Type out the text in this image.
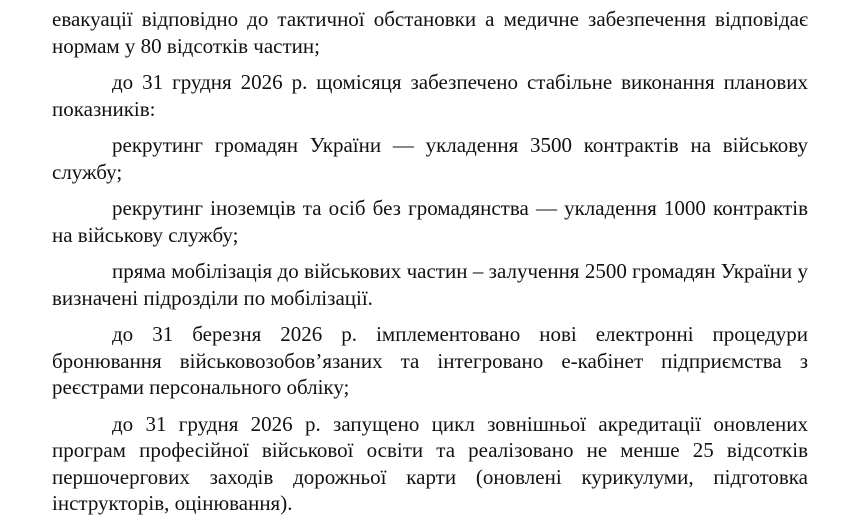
евакуації відповідно до тактичної обстановки а медичне забезпечення відповідає нормам у 80 відсотків частин;

до 31 грудня 2026 р. щомісяця забезпечено стабільне виконання планових показників:

рекрутинг громадян України — укладення 3500 контрактів на військову службу;

рекрутинг іноземців та осіб без громадянства — укладення 1000 контрактів на військову службу;

пряма мобілізація до військових частин – залучення 2500 громадян України у визначені підрозділи по мобілізації.

до 31 березня 2026 р. імплементовано нові електронні процедури бронювання військовозобов’язаних та інтегровано е-кабінет підприємства з реєстрами персонального обліку;

до 31 грудня 2026 р. запущено цикл зовнішньої акредитації оновлених програм професійної військової освіти та реалізовано не менше 25 відсотків першочергових заходів дорожньої карти (оновлені курикулуми, підготовка інструкторів, оцінювання).
